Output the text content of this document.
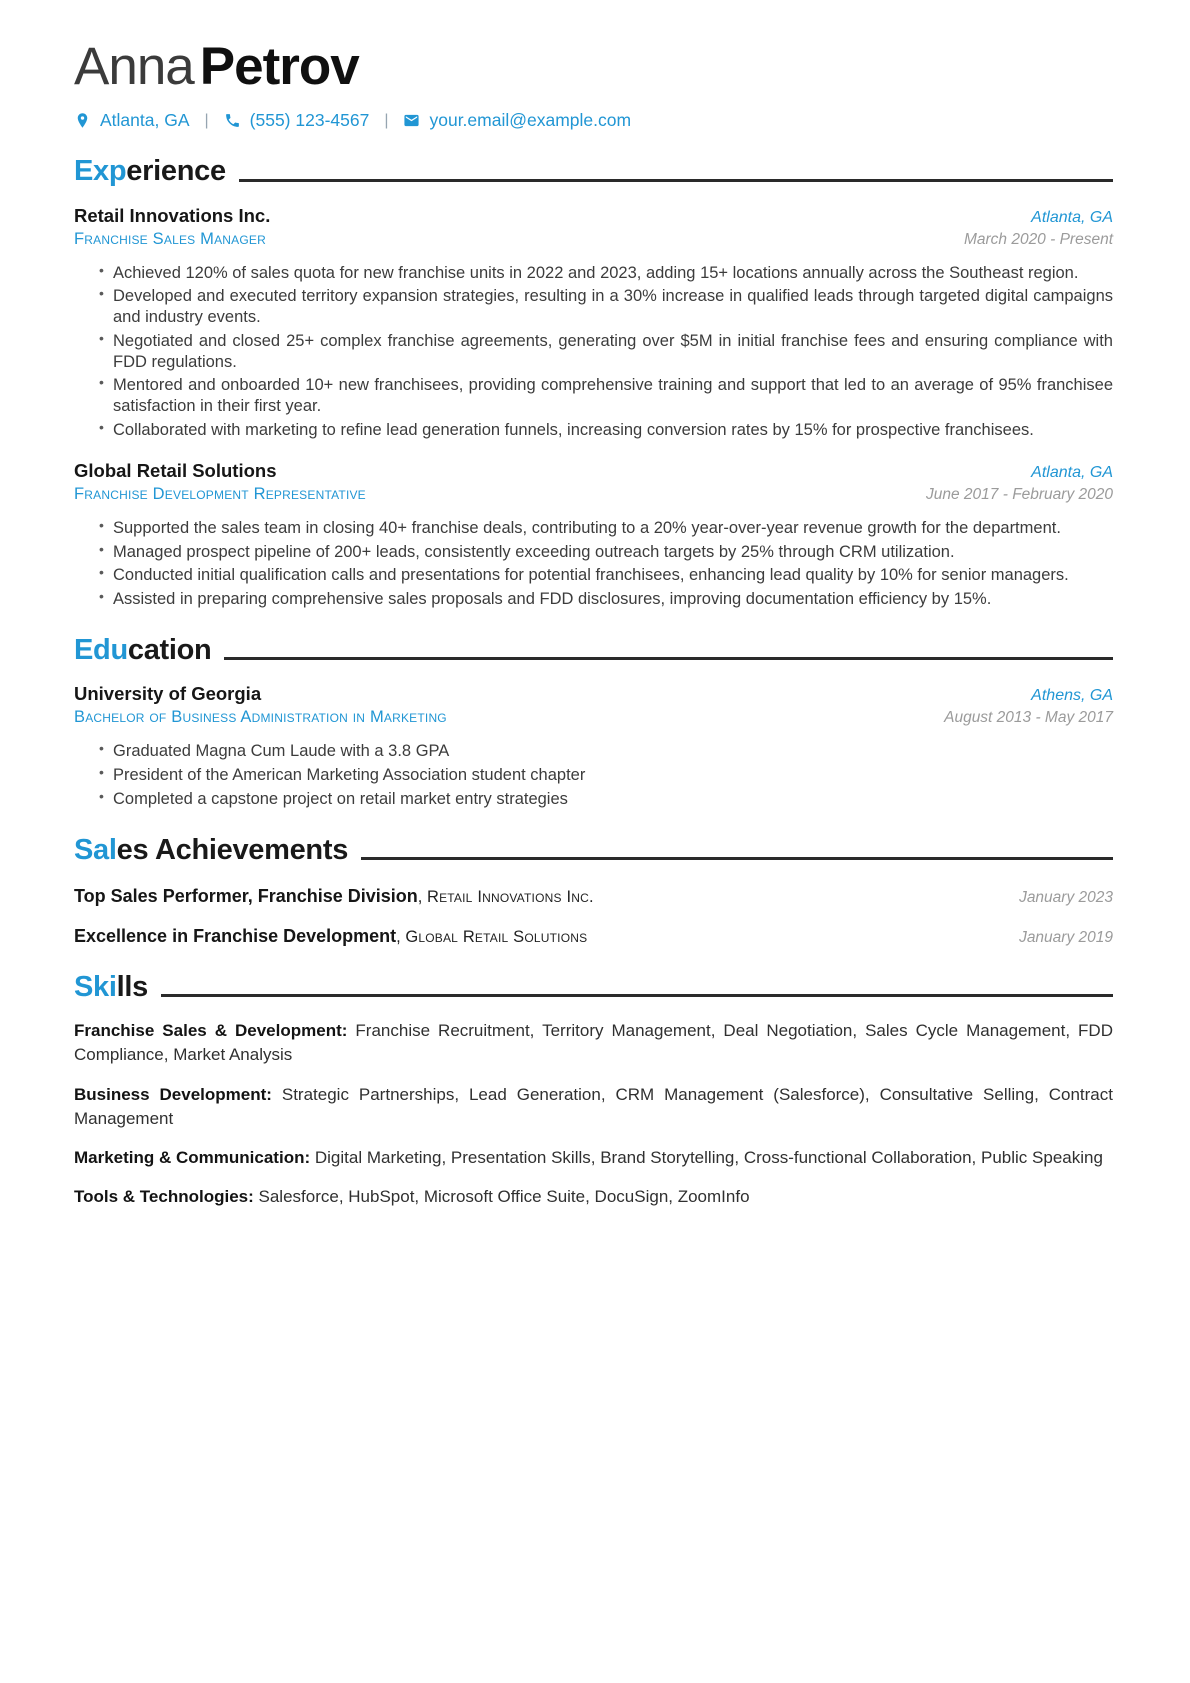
Anna Petrov
Atlanta, GA | (555) 123-4567 | your.email@example.com
Exp erience
Retail Innovations Inc.	Atlanta, GA
Franchise Sales Manager	March 2020 - Present
• Achieved 120% of sales quota for new franchise units in 2022 and 2023, adding 15+ locations annually across the Southeast region.
• Developed and executed territory expansion strategies, resulting in a 30% increase in qualified leads through targeted digital campaigns and industry events.
• Negotiated and closed 25+ complex franchise agreements, generating over $5M in initial franchise fees and ensuring compliance with FDD regulations.
• Mentored and onboarded 10+ new franchisees, providing comprehensive training and support that led to an average of 95% franchisee satisfaction in their first year.
• Collaborated with marketing to refine lead generation funnels, increasing conversion rates by 15% for prospective franchisees.
Global Retail Solutions	Atlanta, GA
Franchise Development Representative	June 2017 - February 2020
• Supported the sales team in closing 40+ franchise deals, contributing to a 20% year-over-year revenue growth for the department.
• Managed prospect pipeline of 200+ leads, consistently exceeding outreach targets by 25% through CRM utilization.
• Conducted initial qualification calls and presentations for potential franchisees, enhancing lead quality by 10% for senior managers.
• Assisted in preparing comprehensive sales proposals and FDD disclosures, improving documentation efficiency by 15%.
Edu cation
University of Georgia	Athens, GA
Bachelor of Business Administration in Marketing	August 2013 - May 2017
• Graduated Magna Cum Laude with a 3.8 GPA
• President of the American Marketing Association student chapter
• Completed a capstone project on retail market entry strategies
Sal es Achievements
Top Sales Performer, Franchise Division, Retail Innovations Inc.	January 2023
Excellence in Franchise Development, Global Retail Solutions	January 2019
Ski lls

Franchise Sales & Development: Franchise Recruitment, Territory Management, Deal Negotiation, Sales Cycle Management, FDD Compliance, Market Analysis

Business Development: Strategic Partnerships, Lead Generation, CRM Management (Salesforce), Consultative Selling, Contract Management

Marketing & Communication: Digital Marketing, Presentation Skills, Brand Storytelling, Cross-functional Collaboration, Public Speaking

Tools & Technologies: Salesforce, HubSpot, Microsoft Office Suite, DocuSign, ZoomInfo
